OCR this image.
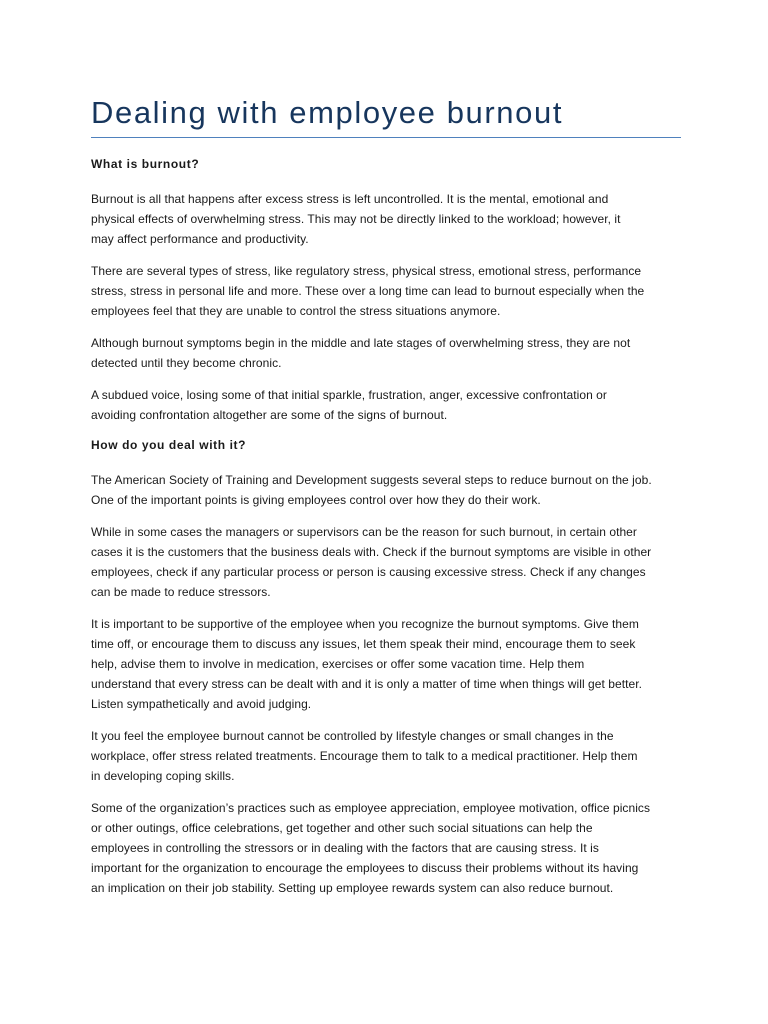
Dealing with employee burnout
What is burnout?

Burnout is all that happens after excess stress is left uncontrolled. It is the mental, emotional and
physical effects of overwhelming stress. This may not be directly linked to the workload; however, it
may affect performance and productivity.

There are several types of stress, like regulatory stress, physical stress, emotional stress, performance
stress, stress in personal life and more. These over a long time can lead to burnout especially when the
employees feel that they are unable to control the stress situations anymore.

Although burnout symptoms begin in the middle and late stages of overwhelming stress, they are not
detected until they become chronic.

A subdued voice, losing some of that initial sparkle, frustration, anger, excessive confrontation or
avoiding confrontation altogether are some of the signs of burnout.

How do you deal with it?

The American Society of Training and Development suggests several steps to reduce burnout on the job.
One of the important points is giving employees control over how they do their work.

While in some cases the managers or supervisors can be the reason for such burnout, in certain other
cases it is the customers that the business deals with. Check if the burnout symptoms are visible in other
employees, check if any particular process or person is causing excessive stress. Check if any changes
can be made to reduce stressors.

It is important to be supportive of the employee when you recognize the burnout symptoms. Give them
time off, or encourage them to discuss any issues, let them speak their mind, encourage them to seek
help, advise them to involve in medication, exercises or offer some vacation time. Help them
understand that every stress can be dealt with and it is only a matter of time when things will get better.
Listen sympathetically and avoid judging.

It you feel the employee burnout cannot be controlled by lifestyle changes or small changes in the
workplace, offer stress related treatments. Encourage them to talk to a medical practitioner. Help them
in developing coping skills.

Some of the organization’s practices such as employee appreciation, employee motivation, office picnics
or other outings, office celebrations, get together and other such social situations can help the
employees in controlling the stressors or in dealing with the factors that are causing stress. It is
important for the organization to encourage the employees to discuss their problems without its having
an implication on their job stability. Setting up employee rewards system can also reduce burnout.
